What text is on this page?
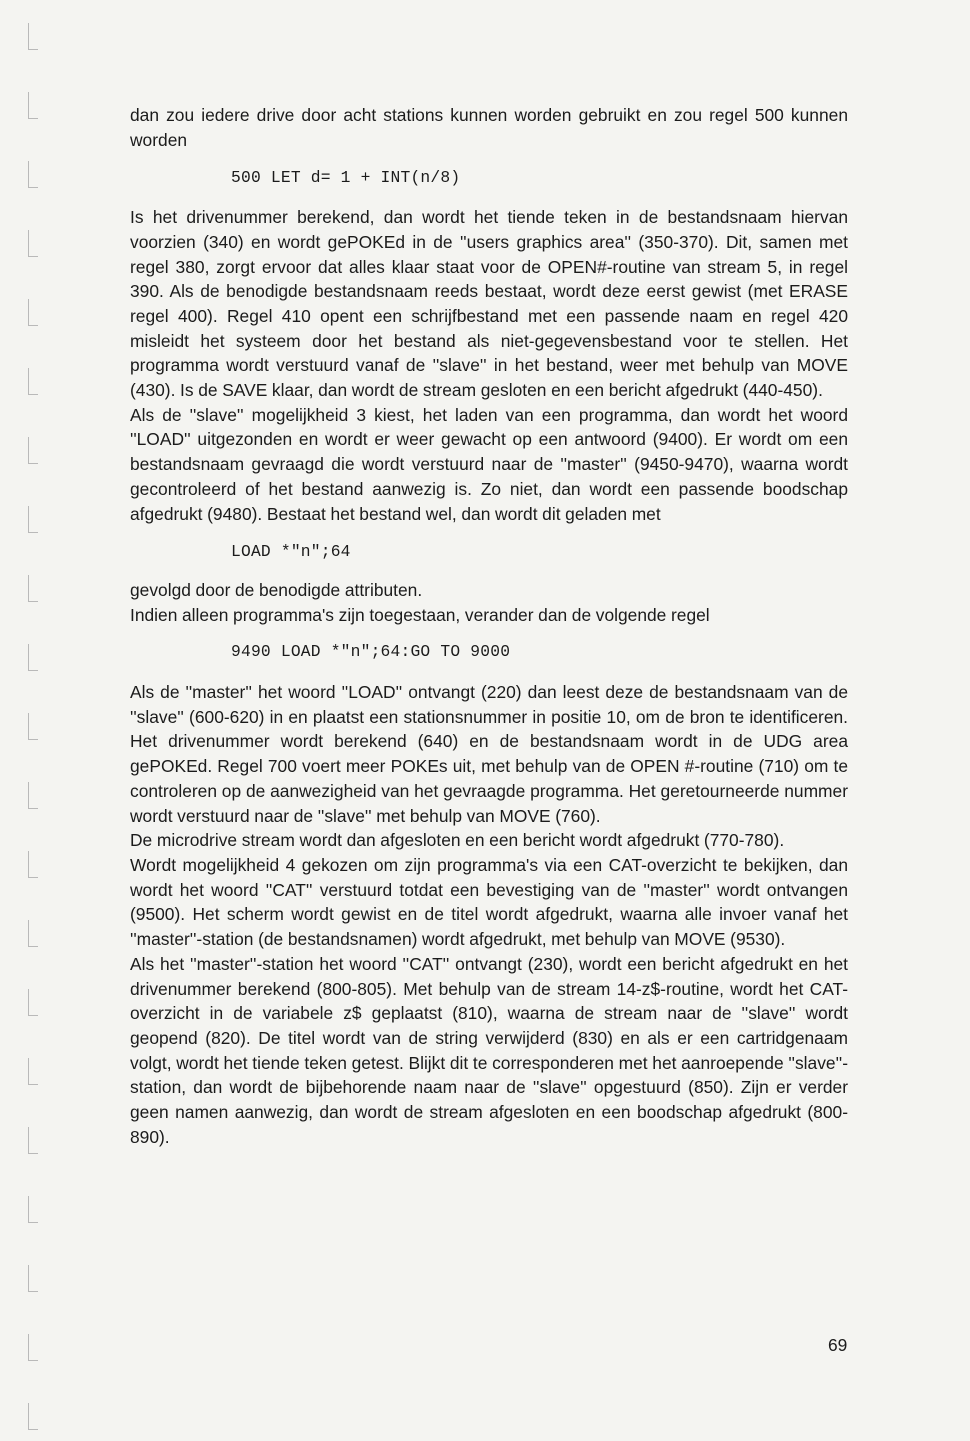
dan zou iedere drive door acht stations kunnen worden gebruikt en zou regel 500 kunnen worden

500 LET d= 1 + INT(n/8)

Is het drivenummer berekend, dan wordt het tiende teken in de bestandsnaam hiervan voorzien (340) en wordt gePOKEd in de ''users graphics area'' (350-370). Dit, samen met regel 380, zorgt ervoor dat alles klaar staat voor de OPEN#-routine van stream 5, in regel 390. Als de benodigde bestandsnaam reeds bestaat, wordt deze eerst gewist (met ERASE regel 400). Regel 410 opent een schrijfbestand met een passende naam en regel 420 misleidt het systeem door het bestand als niet-gegevensbestand voor te stellen. Het programma wordt verstuurd vanaf de ''slave'' in het bestand, weer met behulp van MOVE (430). Is de SAVE klaar, dan wordt de stream gesloten en een bericht afgedrukt (440-450).

Als de ''slave'' mogelijkheid 3 kiest, het laden van een programma, dan wordt het woord ''LOAD'' uitgezonden en wordt er weer gewacht op een antwoord (9400). Er wordt om een bestandsnaam gevraagd die wordt verstuurd naar de ''master'' (9450-9470), waarna wordt gecontroleerd of het bestand aanwezig is. Zo niet, dan wordt een passende boodschap afgedrukt (9480). Bestaat het bestand wel, dan wordt dit geladen met

LOAD *"n";64

gevolgd door de benodigde attributen.

Indien alleen programma's zijn toegestaan, verander dan de volgende regel

9490 LOAD *"n";64:GO TO 9000

Als de ''master'' het woord ''LOAD'' ontvangt (220) dan leest deze de bestandsnaam van de ''slave'' (600-620) in en plaatst een stationsnummer in positie 10, om de bron te identificeren. Het drivenummer wordt berekend (640) en de bestandsnaam wordt in de UDG area gePOKEd. Regel 700 voert meer POKEs uit, met behulp van de OPEN #-routine (710) om te controleren op de aanwezigheid van het gevraagde programma. Het geretourneerde nummer wordt verstuurd naar de ''slave'' met behulp van MOVE (760).

De microdrive stream wordt dan afgesloten en een bericht wordt afgedrukt (770-780).

Wordt mogelijkheid 4 gekozen om zijn programma's via een CAT-overzicht te bekijken, dan wordt het woord ''CAT'' verstuurd totdat een bevestiging van de ''master'' wordt ontvangen (9500). Het scherm wordt gewist en de titel wordt afgedrukt, waarna alle invoer vanaf het ''master''-station (de bestandsnamen) wordt afgedrukt, met behulp van MOVE (9530).

Als het ''master''-station het woord ''CAT'' ontvangt (230), wordt een bericht afgedrukt en het drivenummer berekend (800-805). Met behulp van de stream 14-z$-routine, wordt het CAT-overzicht in de variabele z$ geplaatst (810), waarna de stream naar de ''slave'' wordt geopend (820). De titel wordt van de string verwijderd (830) en als er een cartridgenaam volgt, wordt het tiende teken getest. Blijkt dit te corresponderen met het aanroepende ''slave''-station, dan wordt de bijbehorende naam naar de ''slave'' opgestuurd (850). Zijn er verder geen namen aanwezig, dan wordt de stream afgesloten en een boodschap afgedrukt (800-890).

69
